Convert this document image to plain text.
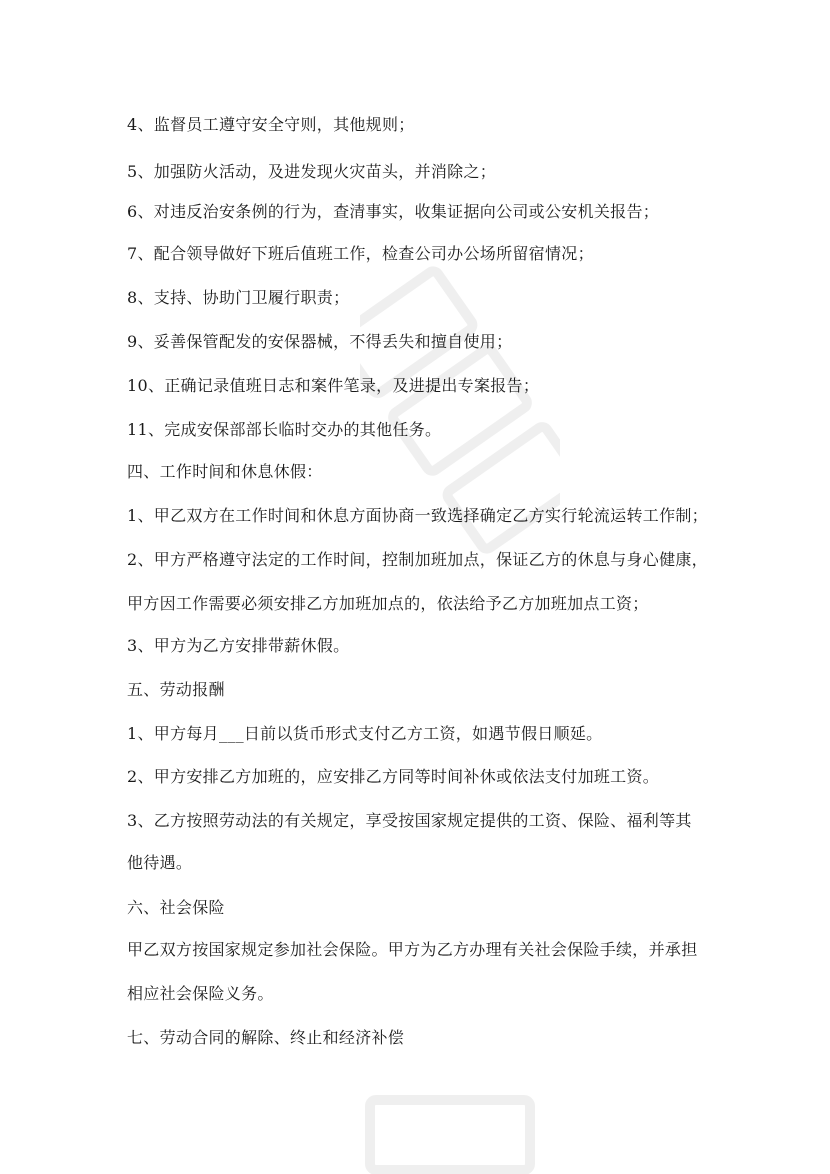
4、监督员工遵守安全守则，其他规则；
5、加强防火活动，及进发现火灾苗头，并消除之；
6、对违反治安条例的行为，查清事实，收集证据向公司或公安机关报告；
7、配合领导做好下班后值班工作，检查公司办公场所留宿情况；
8、支持、协助门卫履行职责；
9、妥善保管配发的安保器械，不得丢失和擅自使用；
10、正确记录值班日志和案件笔录，及进提出专案报告；
11、完成安保部部长临时交办的其他任务。
四、工作时间和休息休假：
1、甲乙双方在工作时间和休息方面协商一致选择确定乙方实行轮流运转工作制；
2、甲方严格遵守法定的工作时间，控制加班加点，保证乙方的休息与身心健康，
甲方因工作需要必须安排乙方加班加点的，依法给予乙方加班加点工资；
3、甲方为乙方安排带薪休假。
五、劳动报酬
1、甲方每月___日前以货币形式支付乙方工资，如遇节假日顺延。
2、甲方安排乙方加班的，应安排乙方同等时间补休或依法支付加班工资。
3、乙方按照劳动法的有关规定，享受按国家规定提供的工资、保险、福利等其
他待遇。
六、社会保险
甲乙双方按国家规定参加社会保险。甲方为乙方办理有关社会保险手续，并承担
相应社会保险义务。
七、劳动合同的解除、终止和经济补偿
